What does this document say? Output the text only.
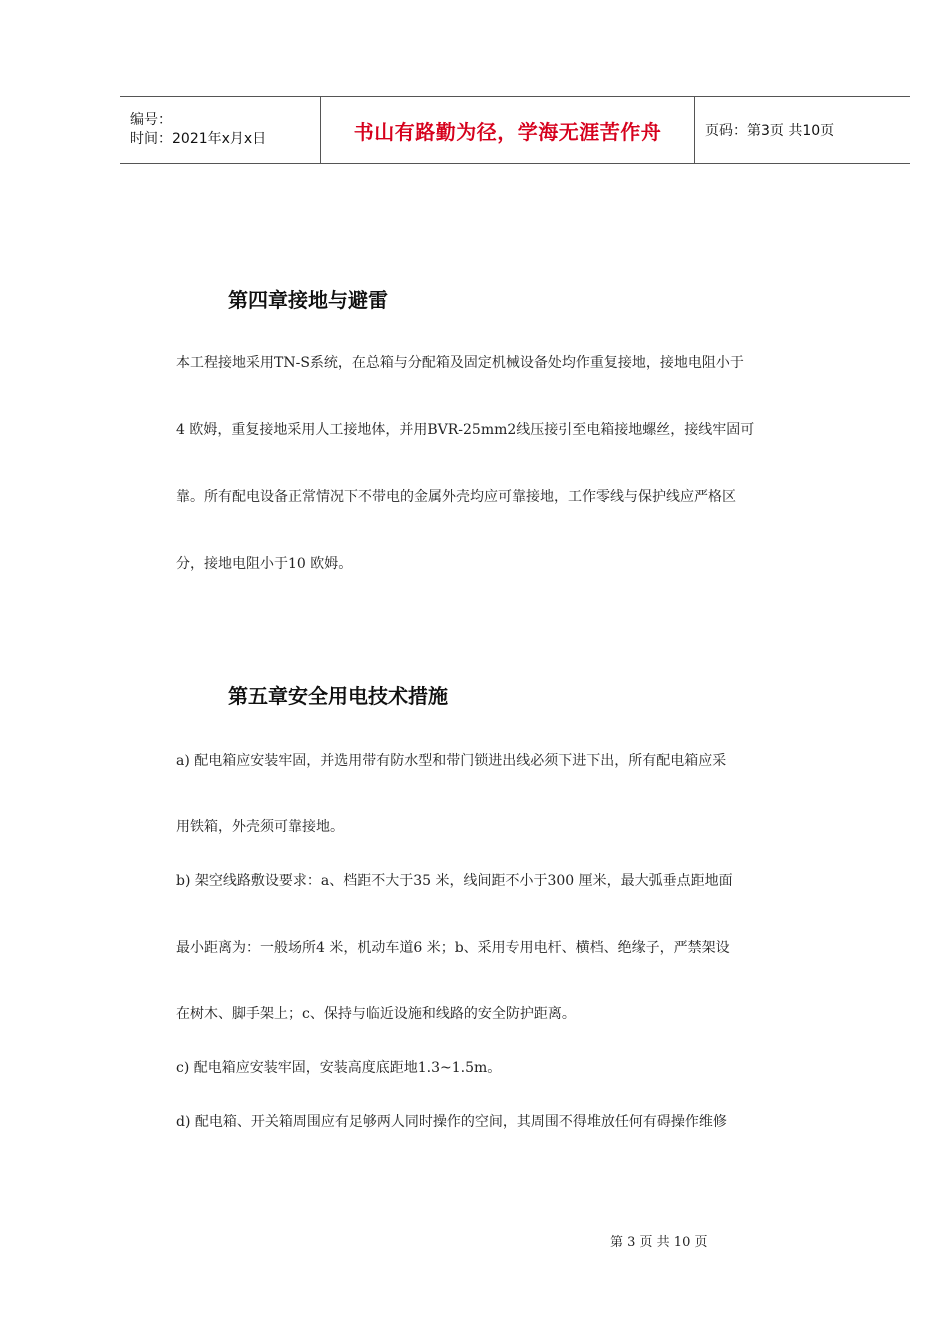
编号：
时间：2021年x月x日	书山有路勤为径，学海无涯苦作舟	页码：第3页 共10页
第四章接地与避雷
本工程接地采用TN-S系统，在总箱与分配箱及固定机械设备处均作重复接地，接地电阻小于
4 欧姆，重复接地采用人工接地体，并用BVR-25mm2线压接引至电箱接地螺丝，接线牢固可
靠。所有配电设备正常情况下不带电的金属外壳均应可靠接地，工作零线与保护线应严格区
分，接地电阻小于10 欧姆。
第五章安全用电技术措施
a) 配电箱应安装牢固，并选用带有防水型和带门锁进出线必须下进下出，所有配电箱应采
用铁箱，外壳须可靠接地。
b) 架空线路敷设要求：a、档距不大于35 米，线间距不小于300 厘米，最大弧垂点距地面
最小距离为：一般场所4 米，机动车道6 米；b、采用专用电杆、横档、绝缘子，严禁架设
在树木、脚手架上；c、保持与临近设施和线路的安全防护距离。
c) 配电箱应安装牢固，安装高度底距地1.3~1.5m。
d) 配电箱、开关箱周围应有足够两人同时操作的空间，其周围不得堆放任何有碍操作维修
第 3 页 共 10 页
